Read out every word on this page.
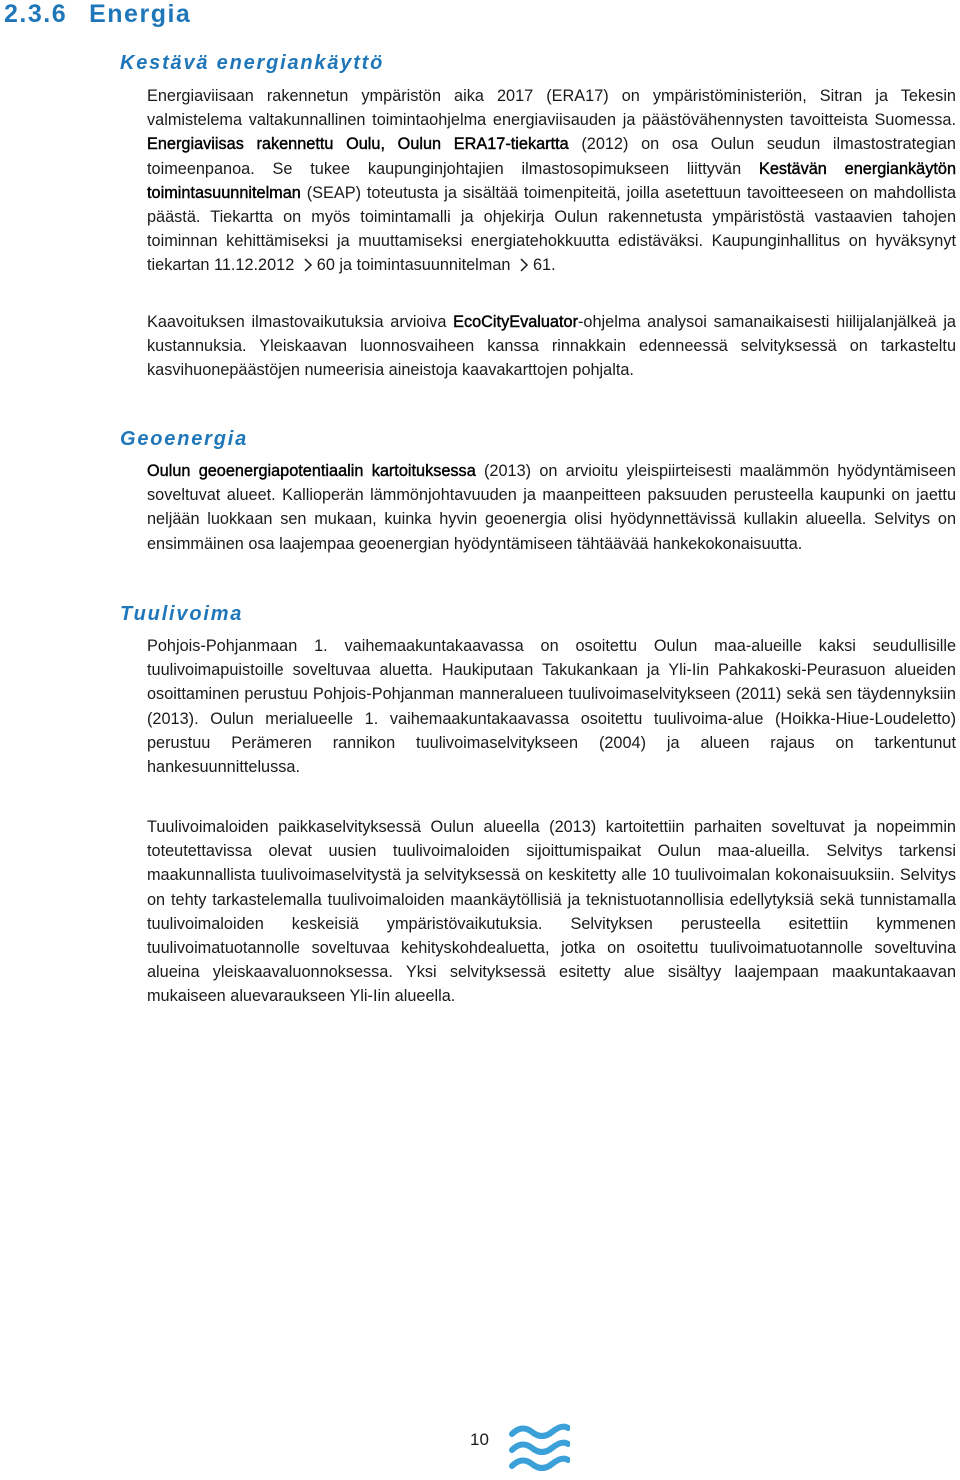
2.3.6 Energia
Kestävä energiankäyttö

Energiaviisaan rakennetun ympäristön aika 2017 (ERA17) on ympäristöministeriön, Sitran ja Tekesin valmistelema valtakunnallinen toimintaohjelma energiaviisauden ja päästövähennysten tavoitteista Suomessa. Energiaviisas rakennettu Oulu, Oulun ERA17-tiekartta (2012) on osa Oulun seudun ilmastostrategian toimeenpanoa. Se tukee kaupunginjohtajien ilmastosopimukseen liittyvän Kestävän energiankäytön toimintasuunnitelman (SEAP) toteutusta ja sisältää toimenpiteitä, joilla asetettuun tavoitteeseen on mahdollista päästä. Tiekartta on myös toimintamalli ja ohjekirja Oulun rakennetusta ympäristöstä vastaavien tahojen toiminnan kehittämiseksi ja muuttamiseksi energiatehokkuutta edistäväksi. Kaupunginhallitus on hyväksynyt tiekartan 11.12.2012 60 ja toimintasuunnitelman 61.

Kaavoituksen ilmastovaikutuksia arvioiva EcoCityEvaluator-ohjelma analysoi samanaikaisesti hiilijalanjälkeä ja kustannuksia. Yleiskaavan luonnosvaiheen kanssa rinnakkain edenneessä selvityksessä on tarkasteltu kasvihuonepäästöjen numeerisia aineistoja kaavakarttojen pohjalta.

Geoenergia

Oulun geoenergiapotentiaalin kartoituksessa (2013) on arvioitu yleispiirteisesti maalämmön hyödyntämiseen soveltuvat alueet. Kallioperän lämmönjohtavuuden ja maanpeitteen paksuuden perusteella kaupunki on jaettu neljään luokkaan sen mukaan, kuinka hyvin geoenergia olisi hyödynnettävissä kullakin alueella. Selvitys on ensimmäinen osa laajempaa geoenergian hyödyntämiseen tähtäävää hankekokonaisuutta.

Tuulivoima

Pohjois-Pohjanmaan 1. vaihemaakuntakaavassa on osoitettu Oulun maa-alueille kaksi seudullisille tuulivoimapuistoille soveltuvaa aluetta. Haukiputaan Takukankaan ja Yli-Iin Pahkakoski-Peurasuon alueiden osoittaminen perustuu Pohjois-Pohjanman manneralueen tuulivoimaselvitykseen (2011) sekä sen täydennyksiin (2013). Oulun merialueelle 1. vaihemaakuntakaavassa osoitettu tuulivoima-alue (Hoikka-Hiue-Loudeletto) perustuu Perämeren rannikon tuulivoimaselvitykseen (2004) ja alueen rajaus on tarkentunut hankesuunnittelussa.

Tuulivoimaloiden paikkaselvityksessä Oulun alueella (2013) kartoitettiin parhaiten soveltuvat ja nopeimmin toteutettavissa olevat uusien tuulivoimaloiden sijoittumispaikat Oulun maa-alueilla. Selvitys tarkensi maakunnallista tuulivoimaselvitystä ja selvityksessä on keskitetty alle 10 tuulivoimalan kokonaisuuksiin. Selvitys on tehty tarkastelemalla tuulivoimaloiden maankäytöllisiä ja teknistuotannollisia edellytyksiä sekä tunnistamalla tuulivoimaloiden keskeisiä ympäristövaikutuksia. Selvityksen perusteella esitettiin kymmenen tuulivoimatuotannolle soveltuvaa kehityskohdealuetta, jotka on osoitettu tuulivoimatuotannolle soveltuvina alueina yleiskaavaluonnoksessa. Yksi selvityksessä esitetty alue sisältyy laajempaan maakuntakaavan mukaiseen aluevaraukseen Yli-Iin alueella.

10
